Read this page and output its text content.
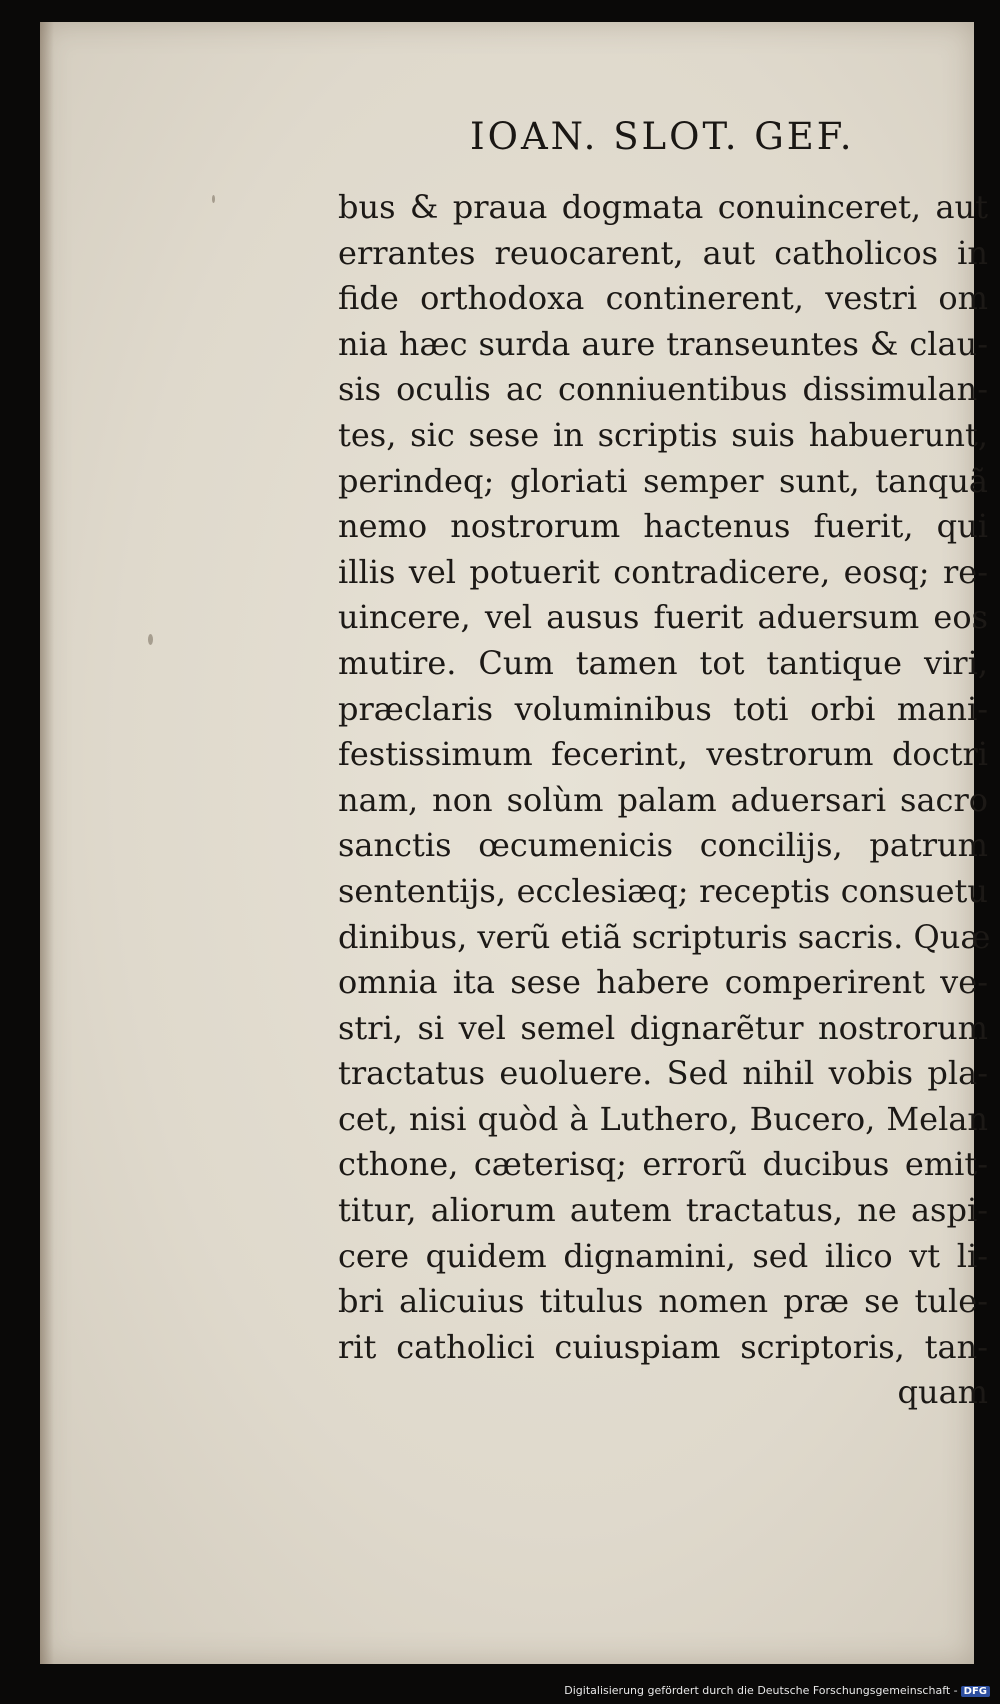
IOAN. SLOT. GEF.
bus & praua dogmata conuinceret, aut
errantes reuocarent, aut catholicos in
fide orthodoxa continerent, vestri om
nia hæc surda aure transeuntes & clau-
sis oculis ac conniuentibus dissimulan-
tes, sic sese in scriptis suis habuerunt,
perindeq; gloriati semper sunt, tanquã
nemo nostrorum hactenus fuerit, qui
illis vel potuerit contradicere, eosq; re-
uincere, vel ausus fuerit aduersum eos
mutire. Cum tamen tot tantique viri,
præclaris voluminibus toti orbi mani-
festissimum fecerint, vestrorum doctri
nam, non solùm palam aduersari sacro
sanctis œcumenicis concilijs, patrum
sententijs, ecclesiæq; receptis consuetu
dinibus, verũ etiã scripturis sacris. Quæ
omnia ita sese habere comperirent ve-
stri, si vel semel dignarẽtur nostrorum
tractatus euoluere. Sed nihil vobis pla-
cet, nisi quòd à Luthero, Bucero, Melan
cthone, cæterisq; errorũ ducibus emit-
titur, aliorum autem tractatus, ne aspi-
cere quidem dignamini, sed ilico vt li-
bri alicuius titulus nomen præ se tule-
rit catholici cuiuspiam scriptoris, tan-
quam
Digitalisierung gefördert durch die Deutsche Forschungsgemeinschaft - DFG
